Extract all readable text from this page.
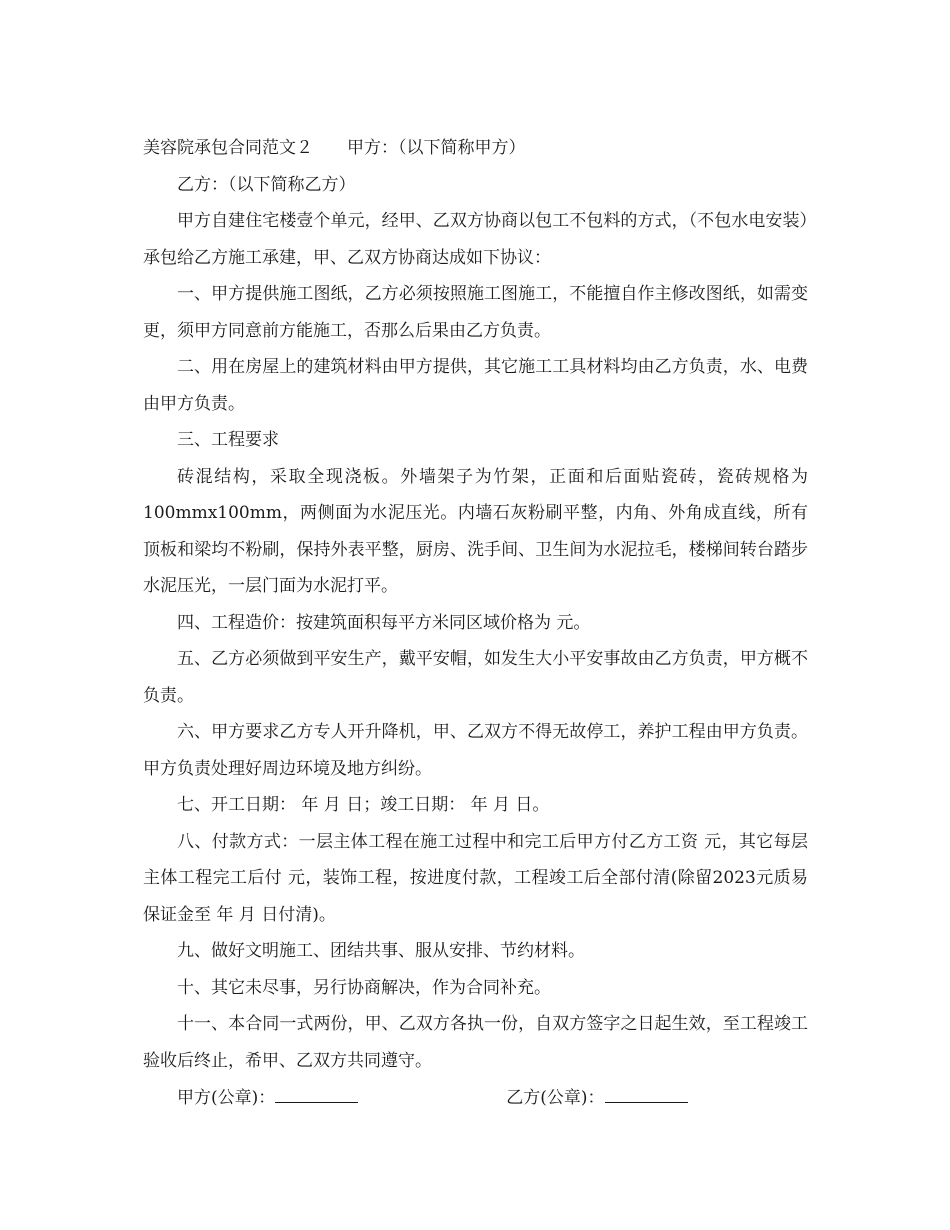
美容院承包合同范文２ 甲方：（以下简称甲方）

乙方：（以下简称乙方）

甲方自建住宅楼壹个单元，经甲、乙双方协商以包工不包料的方式，（不包水电安装）承包给乙方施工承建，甲、乙双方协商达成如下协议：

一、甲方提供施工图纸，乙方必须按照施工图施工，不能擅自作主修改图纸，如需变更，须甲方同意前方能施工，否那么后果由乙方负责。

二、用在房屋上的建筑材料由甲方提供，其它施工工具材料均由乙方负责，水、电费由甲方负责。

三、工程要求

砖混结构，采取全现浇板。外墙架子为竹架，正面和后面贴瓷砖，瓷砖规格为100mmx100mm，两侧面为水泥压光。内墙石灰粉刷平整，内角、外角成直线，所有顶板和梁均不粉刷，保持外表平整，厨房、洗手间、卫生间为水泥拉毛，楼梯间转台踏步水泥压光，一层门面为水泥打平。

四、工程造价：按建筑面积每平方米同区域价格为 元。

五、乙方必须做到平安生产，戴平安帽，如发生大小平安事故由乙方负责，甲方概不负责。

六、甲方要求乙方专人开升降机，甲、乙双方不得无故停工，养护工程由甲方负责。甲方负责处理好周边环境及地方纠纷。

七、开工日期： 年 月 日；竣工日期： 年 月 日。

八、付款方式：一层主体工程在施工过程中和完工后甲方付乙方工资 元，其它每层主体工程完工后付 元，装饰工程，按进度付款，工程竣工后全部付清(除留2023元质易保证金至 年 月 日付清)。

九、做好文明施工、团结共事、服从安排、节约材料。

十、其它未尽事，另行协商解决，作为合同补充。

十一、本合同一式两份，甲、乙双方各执一份，自双方签字之日起生效，至工程竣工验收后终止，希甲、乙双方共同遵守。

甲方(公章)：	乙方(公章)：
